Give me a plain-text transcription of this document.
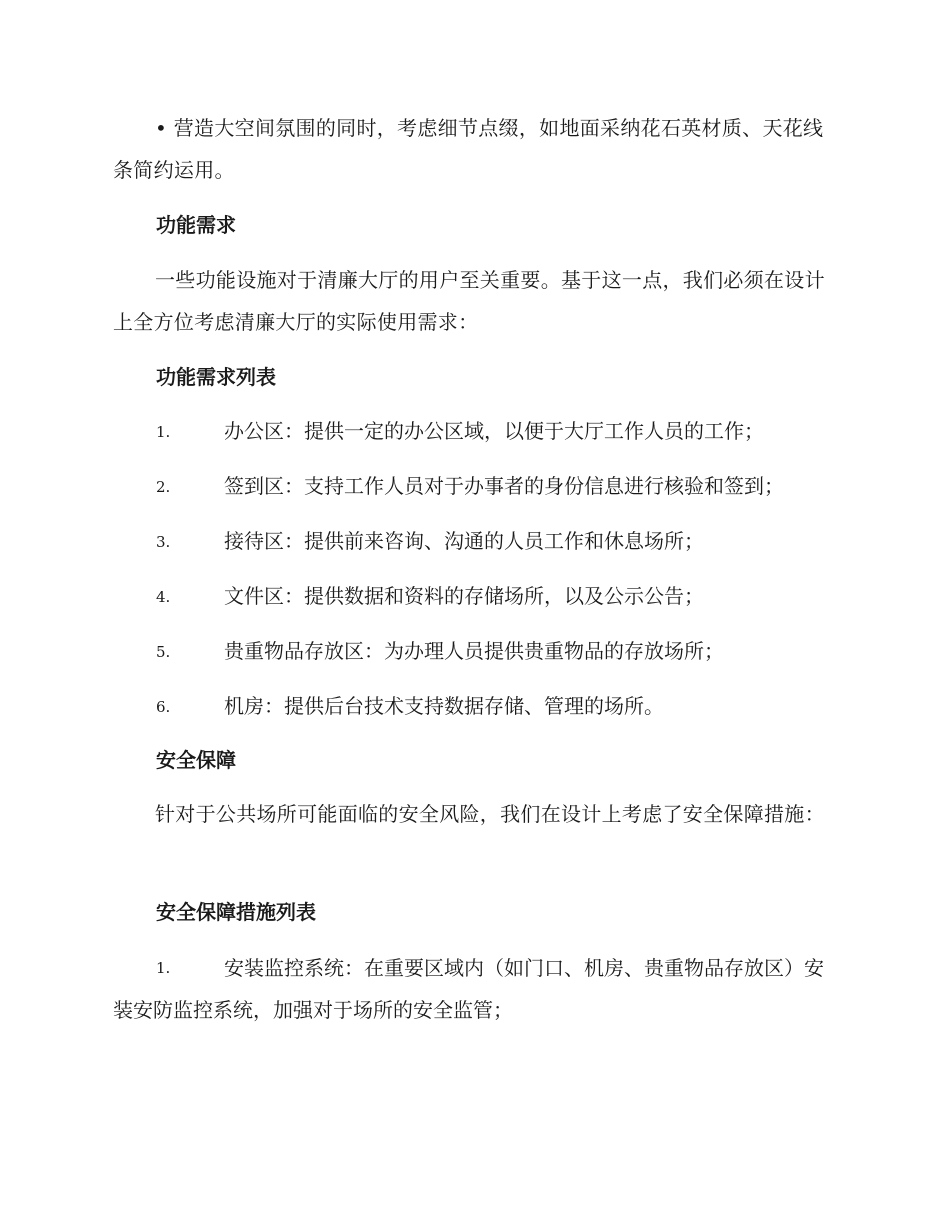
• 营造大空间氛围的同时，考虑细节点缀，如地面采纳花石英材质、天花线条简约运用。

功能需求

一些功能设施对于清廉大厅的用户至关重要。基于这一点，我们必须在设计上全方位考虑清廉大厅的实际使用需求：

功能需求列表
1.	办公区：提供一定的办公区域，以便于大厅工作人员的工作；
2.	签到区：支持工作人员对于办事者的身份信息进行核验和签到；
3.	接待区：提供前来咨询、沟通的人员工作和休息场所；
4.	文件区：提供数据和资料的存储场所，以及公示公告；
5.	贵重物品存放区：为办理人员提供贵重物品的存放场所；
6.	机房：提供后台技术支持数据存储、管理的场所。
安全保障

针对于公共场所可能面临的安全风险，我们在设计上考虑了安全保障措施：

安全保障措施列表
1.	安装监控系统：在重要区域内（如门口、机房、贵重物品存放区）安装安防监控系统，加强对于场所的安全监管；
